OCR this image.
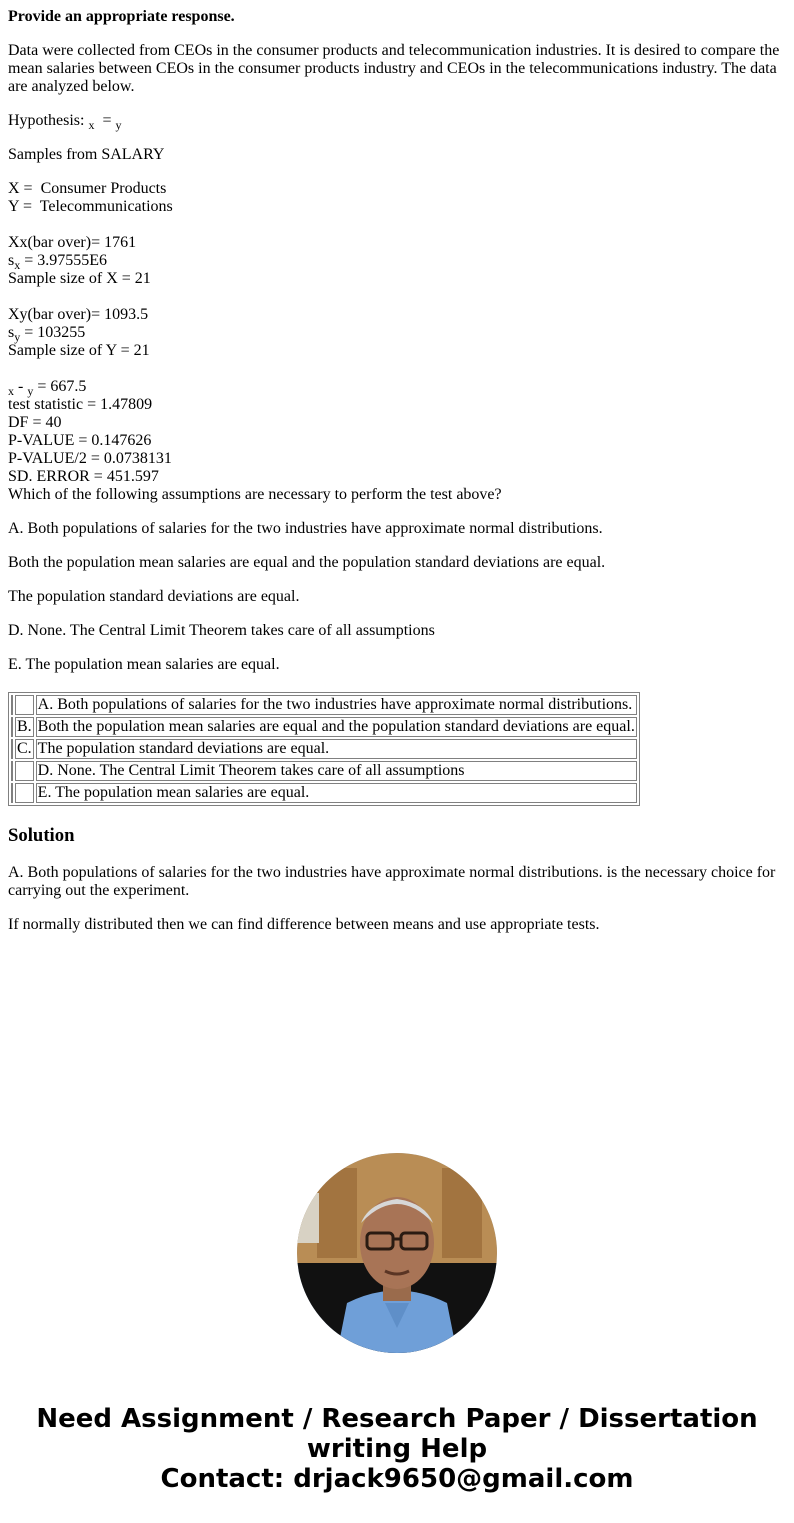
Provide an appropriate response.

Data were collected from CEOs in the consumer products and telecommunication industries. It is desired to compare the mean salaries between CEOs in the consumer products industry and CEOs in the telecommunications industry. The data are analyzed below.

Hypothesis: $_x$ = $_y$

Samples from SALARY

X =  Consumer Products
Y =  Telecommunications
Xx(bar over)= 1761
$s_x = 3.97555E6$
Sample size of X = 21
Xy(bar over)= 1093.5
$s_y = 103255$
Sample size of Y = 21
$_x$ - $_y$ = 667.5
test statistic = 1.47809
DF = 40
P-VALUE = 0.147626
P-VALUE/2 = 0.0738131
SD. ERROR = 451.597

Which of the following assumptions are necessary to perform the test above?

A. Both populations of salaries for the two industries have approximate normal distributions.

Both the population mean salaries are equal and the population standard deviations are equal.

The population standard deviations are equal.

D. None. The Central Limit Theorem takes care of all assumptions

E. The population mean salaries are equal.

		A. Both populations of salaries for the two industries have approximate normal distributions.
	B.	Both the population mean salaries are equal and the population standard deviations are equal.
	C.	The population standard deviations are equal.
		D. None. The Central Limit Theorem takes care of all assumptions
		E. The population mean salaries are equal.
Solution

A. Both populations of salaries for the two industries have approximate normal distributions. is the necessary choice for carrying out the experiment.

If normally distributed then we can find difference between means and use appropriate tests.

Need Assignment / Research Paper / Dissertation
writing Help
Contact: drjack9650@gmail.com
